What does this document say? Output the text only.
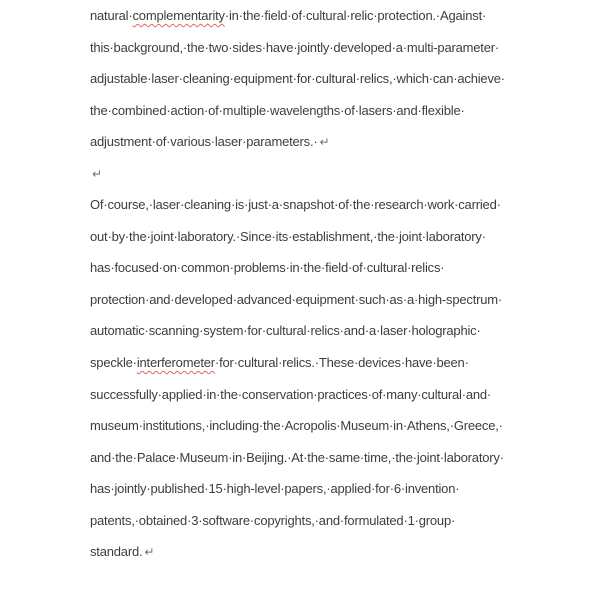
natural·complementarity·in·the·field·of·cultural·relic·protection.·Against·
this·background,·the·two·sides·have·jointly·developed·a·multi-parameter·
adjustable·laser·cleaning·equipment·for·cultural·relics,·which·can·achieve·
the·combined·action·of·multiple·wavelengths·of·lasers·and·flexible·
adjustment·of·various·laser·parameters.· ↵
↵
Of·course,·laser·cleaning·is·just·a·snapshot·of·the·research·work·carried·
out·by·the·joint·laboratory.·Since·its·establishment,·the·joint·laboratory·
has·focused·on·common·problems·in·the·field·of·cultural·relics·
protection·and·developed·advanced·equipment·such·as·a·high-spectrum·
automatic·scanning·system·for·cultural·relics·and·a·laser·holographic·
speckle·interferometer·for·cultural·relics.·These·devices·have·been·
successfully·applied·in·the·conservation·practices·of·many·cultural·and·
museum·institutions,·including·the·Acropolis·Museum·in·Athens,·Greece,·
and·the·Palace·Museum·in·Beijing.·At·the·same·time,·the·joint·laboratory·
has·jointly·published·15·high-level·papers,·applied·for·6·invention·
patents,·obtained·3·software·copyrights,·and·formulated·1·group·
standard. ↵
